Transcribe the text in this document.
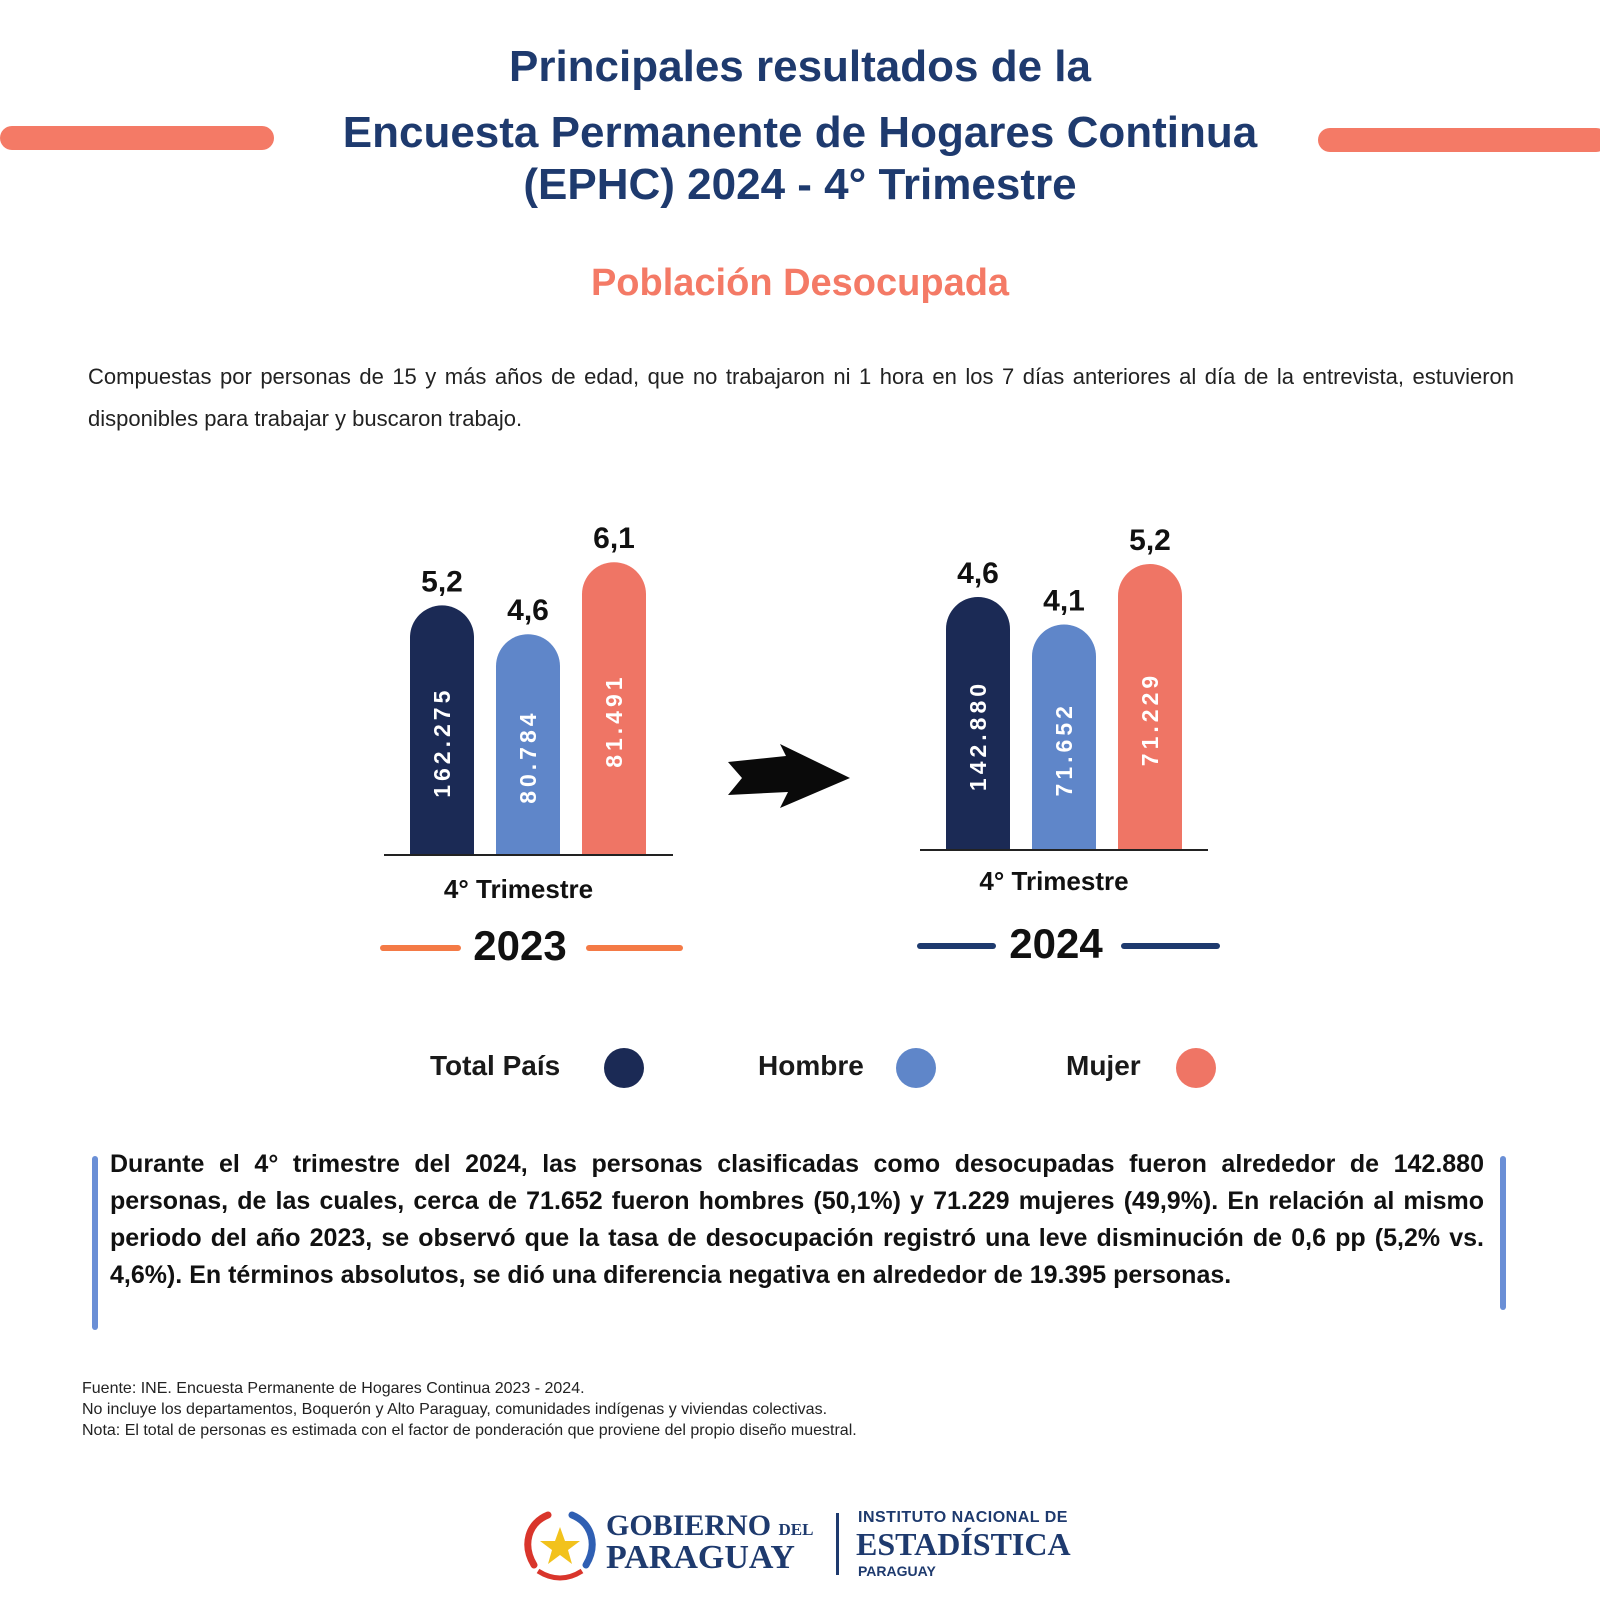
Principales resultados de la
Encuesta Permanente de Hogares Continua
(EPHC) 2024 - 4° Trimestre
Población Desocupada
Compuestas por personas de 15 y más años de edad, que no trabajaron ni 1 hora en los 7 días anteriores al día de la entrevista, estuvieron disponibles para trabajar y buscaron trabajo.
5,2
162.275
4,6
80.784
6,1
81.491
4° Trimestre
2023
4,6
142.880
4,1
71.652
5,2
71.229
4° Trimestre
2024
Total País	Hombre	Mujer
Durante el 4° trimestre del 2024, las personas clasificadas como desocupadas fueron alrededor de 142.880 personas, de las cuales, cerca de 71.652 fueron hombres (50,1%) y 71.229 mujeres (49,9%). En relación al mismo periodo del año 2023, se observó que la tasa de desocupación registró una leve disminución de 0,6 pp (5,2% vs. 4,6%). En términos absolutos, se dió una diferencia negativa en alrededor de 19.395 personas.
Fuente: INE. Encuesta Permanente de Hogares Continua 2023 - 2024.
No incluye los departamentos, Boquerón y Alto Paraguay, comunidades indígenas y viviendas colectivas.
Nota: El total de personas es estimada con el factor de ponderación que proviene del propio diseño muestral.
GOBIERNO DEL
PARAGUAY
INSTITUTO NACIONAL DE
ESTADÍSTICA
PARAGUAY
